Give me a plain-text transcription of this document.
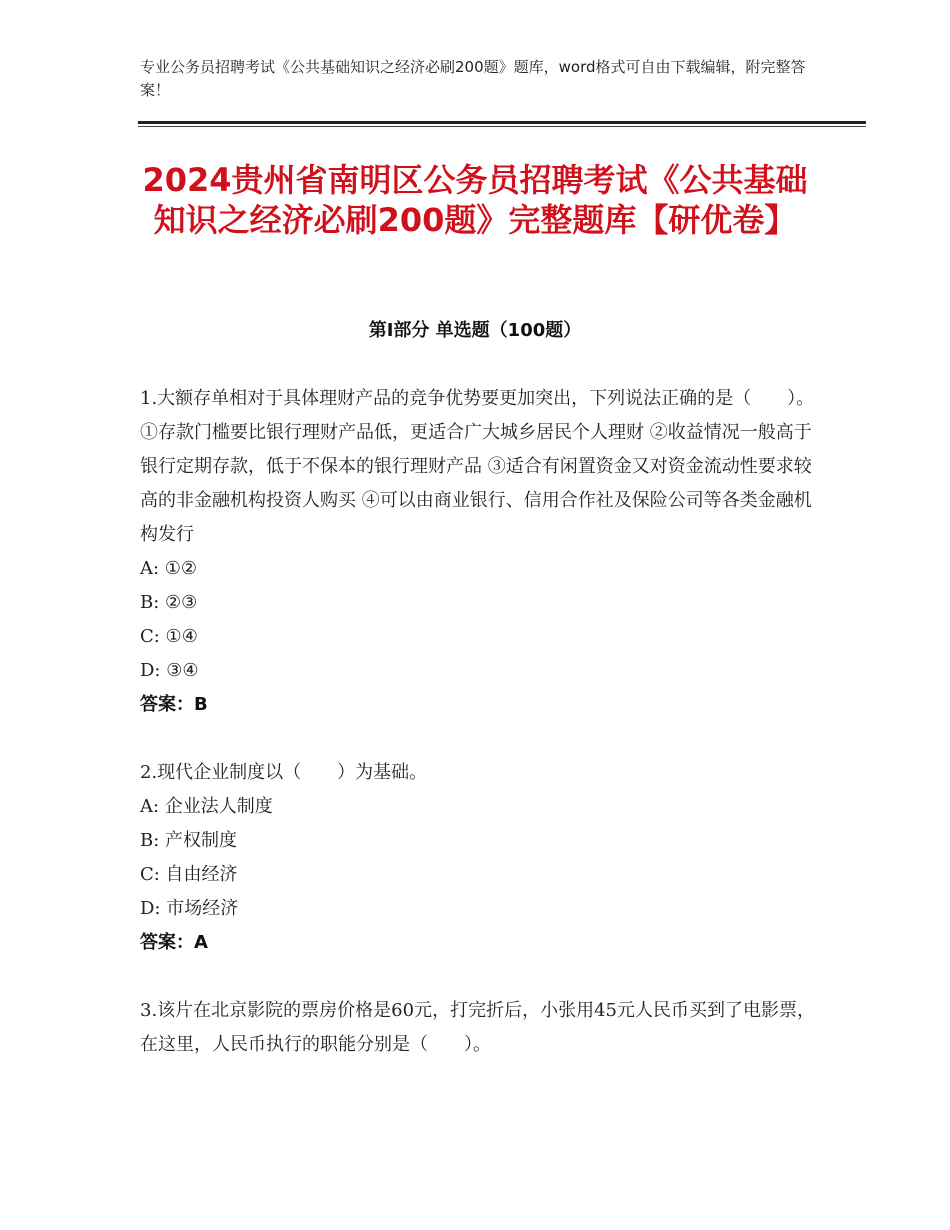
专业公务员招聘考试《公共基础知识之经济必刷200题》题库，word格式可自由下载编辑，附完整答案！
2024贵州省南明区公务员招聘考试《公共基础知识之经济必刷200题》完整题库【研优卷】
第I部分 单选题（100题）

1.大额存单相对于具体理财产品的竞争优势要更加突出，下列说法正确的是（　　）。①存款门槛要比银行理财产品低，更适合广大城乡居民个人理财 ②收益情况一般高于银行定期存款，低于不保本的银行理财产品 ③适合有闲置资金又对资金流动性要求较高的非金融机构投资人购买 ④可以由商业银行、信用合作社及保险公司等各类金融机构发行

A: ①②

B: ②③

C: ①④

D: ③④

答案：B

2.现代企业制度以（　　）为基础。

A: 企业法人制度

B: 产权制度

C: 自由经济

D: 市场经济

答案：A

3.该片在北京影院的票房价格是60元，打完折后，小张用45元人民币买到了电影票，在这里，人民币执行的职能分别是（　　）。
